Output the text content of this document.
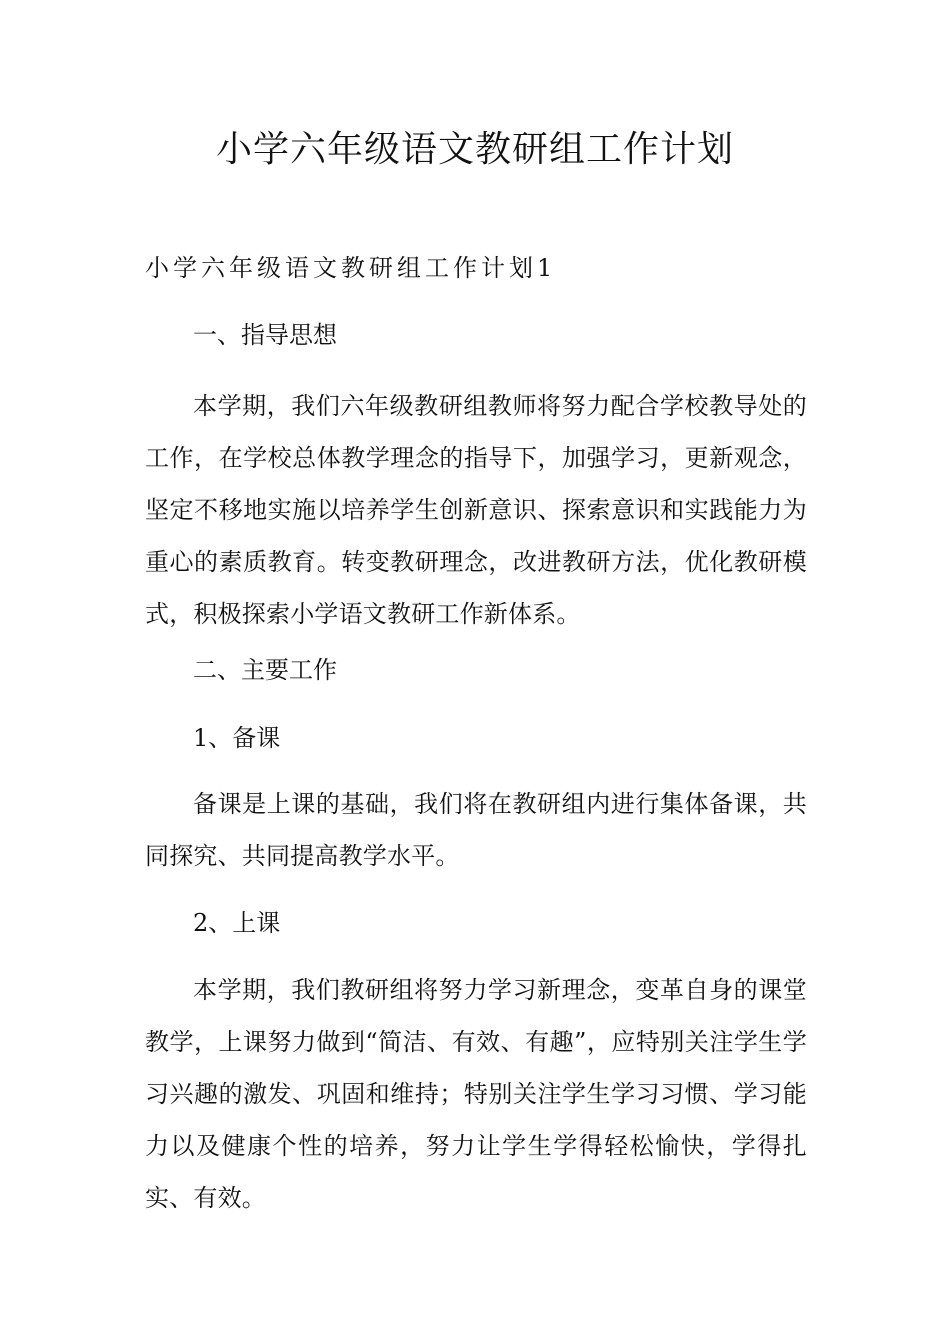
小学六年级语文教研组工作计划
小学六年级语文教研组工作计划1
一、指导思想

本学期，我们六年级教研组教师将努力配合学校教导处的工作，在学校总体教学理念的指导下，加强学习，更新观念，坚定不移地实施以培养学生创新意识、探索意识和实践能力为重心的素质教育。转变教研理念，改进教研方法，优化教研模式，积极探索小学语文教研工作新体系。

二、主要工作
1、备课

备课是上课的基础，我们将在教研组内进行集体备课，共同探究、共同提高教学水平。

2、上课

本学期，我们教研组将努力学习新理念，变革自身的课堂教学，上课努力做到“简洁、有效、有趣”，应特别关注学生学习兴趣的激发、巩固和维持；特别关注学生学习习惯、学习能力以及健康个性的培养，努力让学生学得轻松愉快，学得扎实、有效。
